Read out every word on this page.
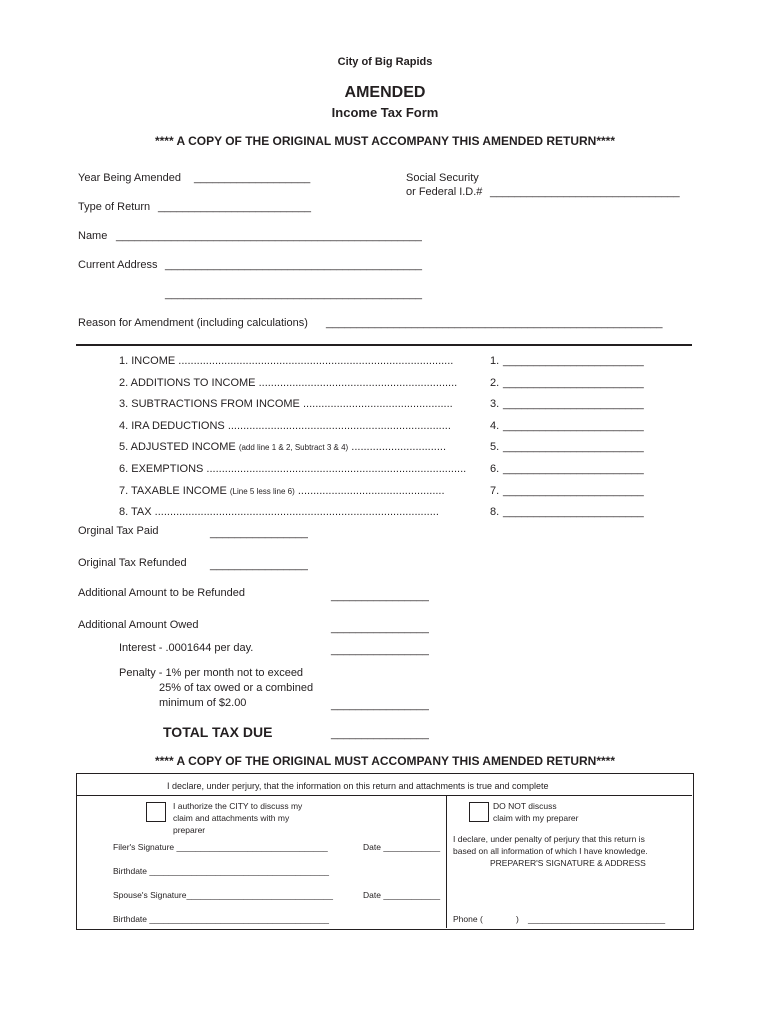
City of Big Rapids
AMENDED
Income Tax Form
**** A COPY OF THE ORIGINAL MUST ACCOMPANY THIS AMENDED RETURN****
Year Being Amended ___________________	Social Security
or Federal I.D.# _______________________________
Type of Return _________________________
Name __________________________________________________
Current Address __________________________________________
__________________________________________
Reason for Amendment (including calculations) _______________________________________________________
1. INCOME ..........................................................................................	1. _______________________
2. ADDITIONS TO INCOME .................................................................	2. _______________________
3. SUBTRACTIONS FROM INCOME .................................................	3. _______________________
4. IRA DEDUCTIONS .........................................................................	4. _______________________
5. ADJUSTED INCOME (add line 1 & 2, Subtract 3 & 4) ...............................	5. _______________________
6. EXEMPTIONS .....................................................................................	6. _______________________
7. TAXABLE INCOME (Line 5 less line 6) ................................................	7. _______________________
8. TAX .............................................................................................	8. _______________________
Orginal Tax Paid	________________
Original Tax Refunded ________________
Additional Amount to be Refunded	________________
Additional Amount Owed	________________
Interest - .0001644 per day.	________________
Penalty - 1% per month not to exceed
25% of tax owed or a combined
minimum of $2.00	________________
TOTAL TAX DUE	________________
**** A COPY OF THE ORIGINAL MUST ACCOMPANY THIS AMENDED RETURN****
I declare, under perjury, that the information on this return and attachments is true and complete
I authorize the CITY to discuss my
claim and attachments with my
preparer
DO NOT discuss
claim with my preparer
Filer's Signature ________________________________	Date ____________
Birthdate ______________________________________
Spouse's Signature_______________________________	Date ____________
Birthdate ______________________________________
I declare, under penalty of perjury that this return is
based on all information of which I have knowledge.
PREPARER'S SIGNATURE & ADDRESS
Phone (	) _____________________________
